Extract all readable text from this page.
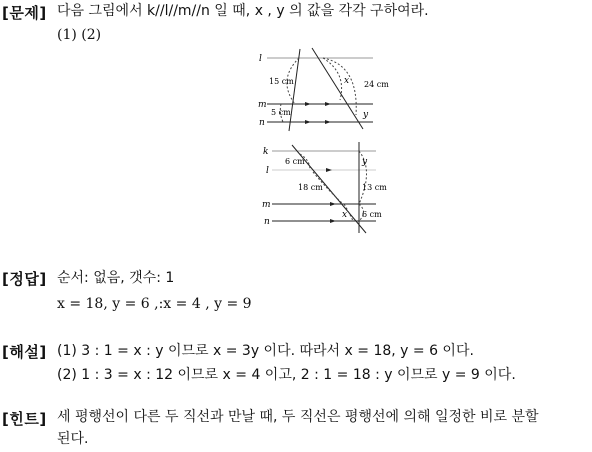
[문제] 다음 그림에서 k//l//m//n 일 때, x , y 의 값을 각각 구하여라.
(1) (2)
l
m
n
15 cm	24 cm
5 cm
x
y
k
l
m
n
6 cm
18 cm	13 cm
6 cm
x
y
[정답] 순서: 없음, 갯수: 1
x = 18, y = 6 ,:x = 4 , y = 9
[해설] (1) 3 : 1 = x : y 이므로 x = 3y 이다. 따라서 x = 18, y = 6 이다.
(2) 1 : 3 = x : 12 이므로 x = 4 이고, 2 : 1 = 18 : y 이므로 y = 9 이다.
[힌트] 세 평행선이 다른 두 직선과 만날 때, 두 직선은 평행선에 의해 일정한 비로 분할
된다.
